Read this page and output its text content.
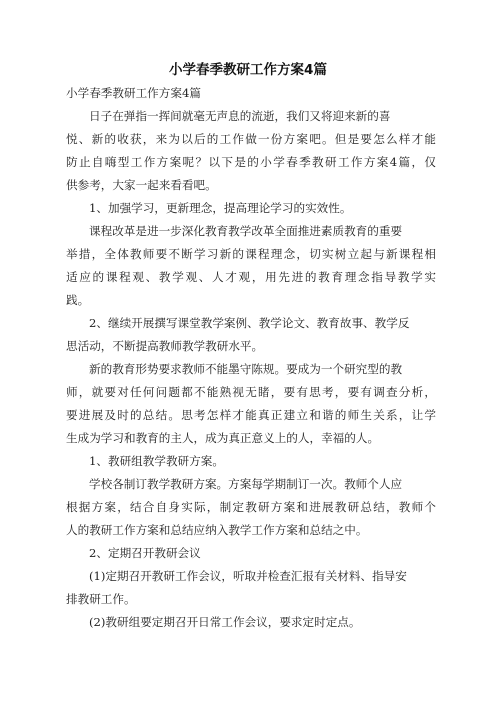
小学春季教研工作方案4篇
小学春季教研工作方案4篇
日子在弹指一挥间就毫无声息的流逝，我们又将迎来新的喜
悦、新的收获，来为以后的工作做一份方案吧。但是要怎么样才能
防止自嗨型工作方案呢？以下是的小学春季教研工作方案4篇，仅
供参考，大家一起来看看吧。
1、加强学习，更新理念，提高理论学习的实效性。
课程改革是进一步深化教育教学改革全面推进素质教育的重要
举措，全体教师要不断学习新的课程理念，切实树立起与新课程相
适应的课程观、教学观、人才观，用先进的教育理念指导教学实
践。
2、继续开展撰写课堂教学案例、教学论文、教育故事、教学反
思活动，不断提高教师教学教研水平。
新的教育形势要求教师不能墨守陈规。要成为一个研究型的教
师，就要对任何问题都不能熟视无睹，要有思考，要有调查分析，
要进展及时的总结。思考怎样才能真正建立和谐的师生关系，让学
生成为学习和教育的主人，成为真正意义上的人，幸福的人。
1、教研组教学教研方案。
学校各制订教学教研方案。方案每学期制订一次。教师个人应
根据方案，结合自身实际，制定教研方案和进展教研总结，教师个
人的教研工作方案和总结应纳入教学工作方案和总结之中。
2、定期召开教研会议
(1)定期召开教研工作会议，听取并检查汇报有关材料、指导安
排教研工作。
(2)教研组要定期召开日常工作会议，要求定时定点。
